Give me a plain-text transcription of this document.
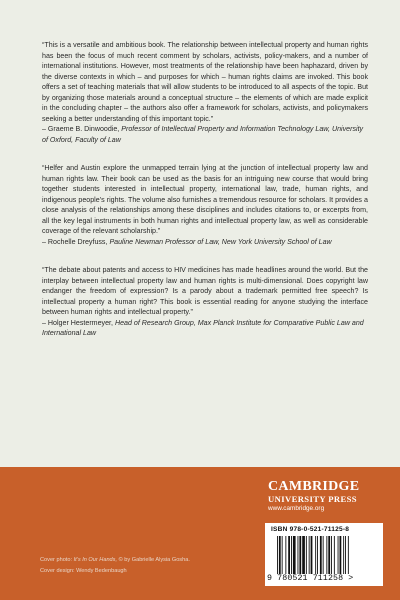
“This is a versatile and ambitious book. The relationship between intellectual property and human rights has been the focus of much recent comment by scholars, activists, policy-makers, and a number of international institutions. However, most treatments of the relationship have been haphazard, driven by the diverse contexts in which – and purposes for which – human rights claims are invoked. This book offers a set of teaching materials that will allow students to be introduced to all aspects of the topic. But by organizing those materials around a conceptual structure – the elements of which are made explicit in the concluding chapter – the authors also offer a framework for scholars, activists, and policymakers seeking a better understanding of this important topic.”

– Graeme B. Dinwoodie, Professor of Intellectual Property and Information Technology Law, University of Oxford, Faculty of Law

“Helfer and Austin explore the unmapped terrain lying at the junction of intellectual property law and human rights law. Their book can be used as the basis for an intriguing new course that would bring together students interested in intellectual property, international law, trade, human rights, and indigenous people’s rights. The volume also furnishes a tremendous resource for scholars. It provides a close analysis of the relationships among these disciplines and includes citations to, or excerpts from, all the key legal instruments in both human rights and intellectual property law, as well as considerable coverage of the relevant scholarship.”

– Rochelle Dreyfuss, Pauline Newman Professor of Law, New York University School of Law

“The debate about patents and access to HIV medicines has made headlines around the world. But the interplay between intellectual property law and human rights is multi-dimensional. Does copyright law endanger the freedom of expression? Is a parody about a trademark permitted free speech? Is intellectual property a human right? This book is essential reading for anyone studying the interface between human rights and intellectual property.”

– Holger Hestermeyer, Head of Research Group, Max Planck Institute for Comparative Public Law and International Law

CAMBRIDGE
UNIVERSITY PRESS
www.cambridge.org
ISBN 978-0-521-71125-8
9 780521 711258 >
Cover photo: It’s In Our Hands, © by Gabrielle Alysia Gosha.
Cover design: Wendy Bedenbaugh
